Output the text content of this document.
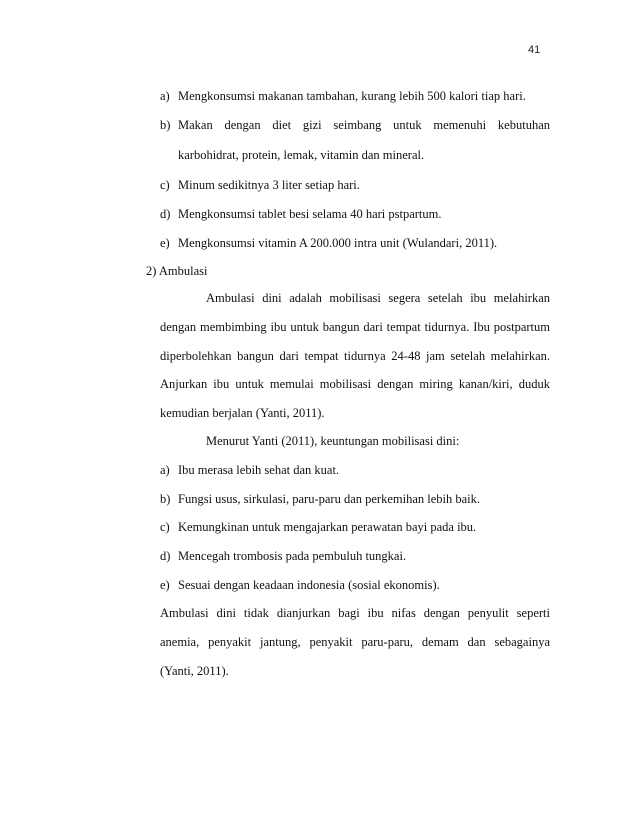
41
a) Mengkonsumsi makanan tambahan, kurang lebih 500 kalori tiap hari.
b) Makan dengan diet gizi seimbang untuk memenuhi kebutuhan
karbohidrat, protein, lemak, vitamin dan mineral.
c) Minum sedikitnya 3 liter setiap hari.
d) Mengkonsumsi tablet besi selama 40 hari pstpartum.
e) Mengkonsumsi vitamin A 200.000 intra unit (Wulandari, 2011).
2) Ambulasi
Ambulasi dini adalah mobilisasi segera setelah ibu melahirkan
dengan membimbing ibu untuk bangun dari tempat tidurnya. Ibu postpartum
diperbolehkan bangun dari tempat tidurnya 24-48 jam setelah melahirkan.
Anjurkan ibu untuk memulai mobilisasi dengan miring kanan/kiri, duduk
kemudian berjalan (Yanti, 2011).
Menurut Yanti (2011), keuntungan mobilisasi dini:
a) Ibu merasa lebih sehat dan kuat.
b) Fungsi usus, sirkulasi, paru-paru dan perkemihan lebih baik.
c) Kemungkinan untuk mengajarkan perawatan bayi pada ibu.
d) Mencegah trombosis pada pembuluh tungkai.
e) Sesuai dengan keadaan indonesia (sosial ekonomis).
Ambulasi dini tidak dianjurkan bagi ibu nifas dengan penyulit seperti
anemia, penyakit jantung, penyakit paru-paru, demam dan sebagainya
(Yanti, 2011).
